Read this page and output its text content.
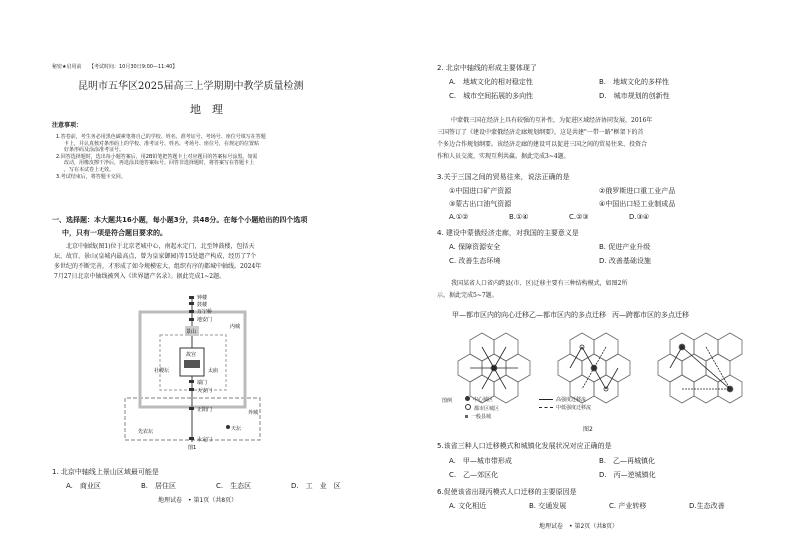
秘密★启用前　　【考试时间：10月30日9:00—11:40】
昆明市五华区2025届高三上学期期中教学质量检测
地　理
注意事项：

1.答卷前，考生务必用黑色碳素笔将自己的学校、姓名、准考证号、考场号、座位号填写在答题

卡上，并认真核对条形码上的学校、准考证号、姓名、考场号、座位号，在规定的位置贴

好条形码及涂涂准考证号。

2.回答选择题时，选出每小题答案后，用2B铅笔把答题卡上对应题目的答案标号涂黑。如需

改动，用橡皮擦干净后，再选涂其他答案标号。回答非选择题时，将答案写在答题卡上

，写在本试卷上无效。

3.考试结束后，将答题卡交回。

一、选择题：本大题共16小题，每小题3分，共48分。在每个小题给出的四个选项
中，只有一项是符合题目要求的。
北京中轴线(图1)位于北京老城中心，南起永定门，北至钟鼓楼，包括天
坛、故宫、景山(皇城内最高点，曾为皇家御园)等15处遗产构成，经历了7个
多世纪的不断完善，才形成了如今规模宏大、组织有序的都城中轴线。2024年
7月27日北京中轴线被列入《世界遗产名录》。据此完成1~2题。
钟楼
鼓楼
万宁桥
地安门
景山
故宫
内城
太庙
社稷坛
端门
天安门
正阳门	外城
天坛
先农坛
永定门
图1
1. 北京中轴线上景山区域最可能是
A.　商业区	B.　居住区	C.　生态区	D.　工　业　区
地理试卷　• 第1页（共8页）
2. 北京中轴线的形成主要体现了
A.　地域文化的相对稳定性	B.　地域文化的多样性
C.　城市空间拓展的多向性	D.　城市规划的创新性
中蒙俄三国在经济上具有较强的互补性，为促进区域经济协同发展，2016年
三国签订了《建设中蒙俄经济走廊规划纲要》，这是共建"一带一路"框架下的首
个多边合作规划纲要。该经济走廊的建设可以促进三国之间的贸易往来、投资合
作和人员交流，实现互利共赢。据此完成3~4题。
3.关于三国之间的贸易往来，说法正确的是
①中国进口矿产资源	②俄罗斯进口重工业产品
③蒙古出口油气资源	④中国出口轻工业制成品
A.①②	B.①④	C.②③	D.③④
4. 建设中蒙俄经济走廊，对我国的主要意义是
A. 保障资源安全	B. 促进产业升级
C. 改善生态环境	D. 改善基础设施
我国某省人口省内跨县(市、区)迁移主要有三种结构模式，如图2所
示。据此完成5~7题。
甲—都市区内的向心迁移乙—都市区内的多点迁移 丙—跨都市区的多点迁移
图例	中心城区
都市区城区
一般县城
高强度迁移流
中低强度迁移流
图2
5.该省三种人口迁移模式和城镇化发展状况对应正确的是
A.　甲—城市带形成	B.　乙—再城镇化
C.　乙—郊区化	D.　丙—逆城镇化
6.促使该省出现丙模式人口迁移的主要原因是
A. 文化相近	B. 交通发展	C. 产业转移	D.生态改善
地理试卷　• 第2页（共8页）
